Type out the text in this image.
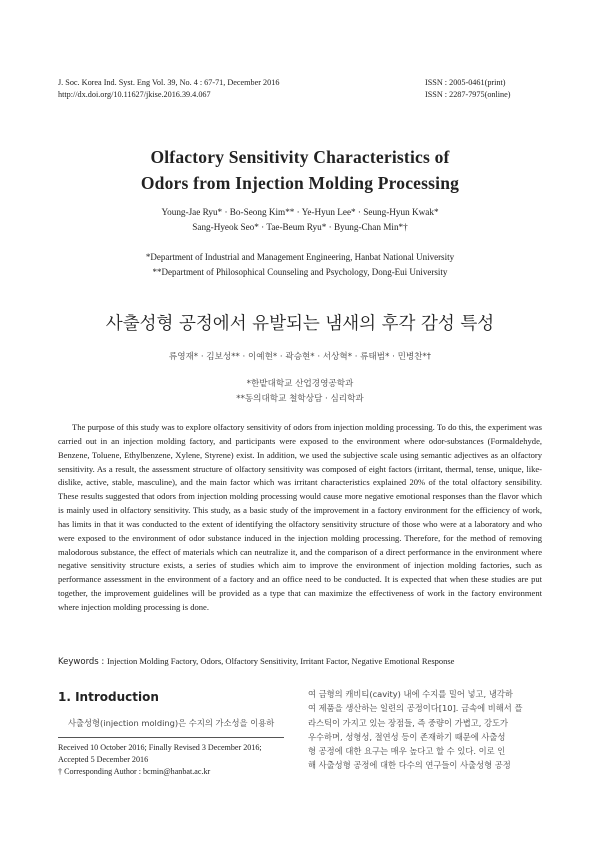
J. Soc. Korea Ind. Syst. Eng Vol. 39, No. 4 : 67-71, December 2016
http://dx.doi.org/10.11627/jkise.2016.39.4.067
ISSN : 2005-0461(print)
ISSN : 2287-7975(online)
Olfactory Sensitivity Characteristics of
Odors from Injection Molding Processing
Young-Jae Ryu* · Bo-Seong Kim** · Ye-Hyun Lee* · Seung-Hyun Kwak*
Sang-Hyeok Seo* · Tae-Beum Ryu* · Byung-Chan Min*†
*Department of Industrial and Management Engineering, Hanbat National University
**Department of Philosophical Counseling and Psychology, Dong-Eui University
사출성형 공정에서 유발되는 냄새의 후각 감성 특성
류영재* · 김보성** · 이예현* · 곽승현* · 서상혁* · 류태범* · 민병찬*†
*한밭대학교 산업경영공학과
**동의대학교 철학상담 · 심리학과

The purpose of this study was to explore olfactory sensitivity of odors from injection molding processing. To do this, the experiment was carried out in an injection molding factory, and participants were exposed to the environment where odor-substances (Formaldehyde, Benzene, Toluene, Ethylbenzene, Xylene, Styrene) exist. In addition, we used the subjective scale using semantic adjectives as an olfactory sensitivity. As a result, the assessment structure of olfactory sensitivity was composed of eight factors (irritant, thermal, tense, unique, like-dislike, active, stable, masculine), and the main factor which was irritant characteristics explained 20% of the total olfactory sensibility. These results suggested that odors from injection molding processing would cause more negative emotional responses than the flavor which is mainly used in olfactory sensitivity. This study, as a basic study of the improvement in a factory environment for the efficiency of work, has limits in that it was conducted to the extent of identifying the olfactory sensitivity structure of those who were at a laboratory and who were exposed to the environment of odor substance induced in the injection molding processing. Therefore, for the method of removing malodorous substance, the effect of materials which can neutralize it, and the comparison of a direct performance in the environment where negative sensitivity structure exists, a series of studies which aim to improve the environment of injection molding factories, such as performance assessment in the environment of a factory and an office need to be conducted. It is expected that when these studies are put together, the improvement guidelines will be provided as a type that can maximize the effectiveness of work in the factory environment where injection molding processing is done.

Keywords : Injection Molding Factory, Odors, Olfactory Sensitivity, Irritant Factor, Negative Emotional Response
1. Introduction
사출성형(injection molding)은 수지의 가소성을 이용하
Received 10 October 2016; Finally Revised 3 December 2016;
Accepted 5 December 2016
† Corresponding Author : bcmin@hanbat.ac.kr
여 금형의 캐비티(cavity) 내에 수지를 밀어 넣고, 냉각하
여 제품을 생산하는 일련의 공정이다[10]. 금속에 비해서 플
라스틱이 가지고 있는 장점들, 즉 중량이 가볍고, 강도가
우수하며, 성형성, 절연성 등이 존재하기 때문에 사출성
형 공정에 대한 요구는 매우 높다고 할 수 있다. 이로 인
해 사출성형 공정에 대한 다수의 연구들이 사출성형 공정
